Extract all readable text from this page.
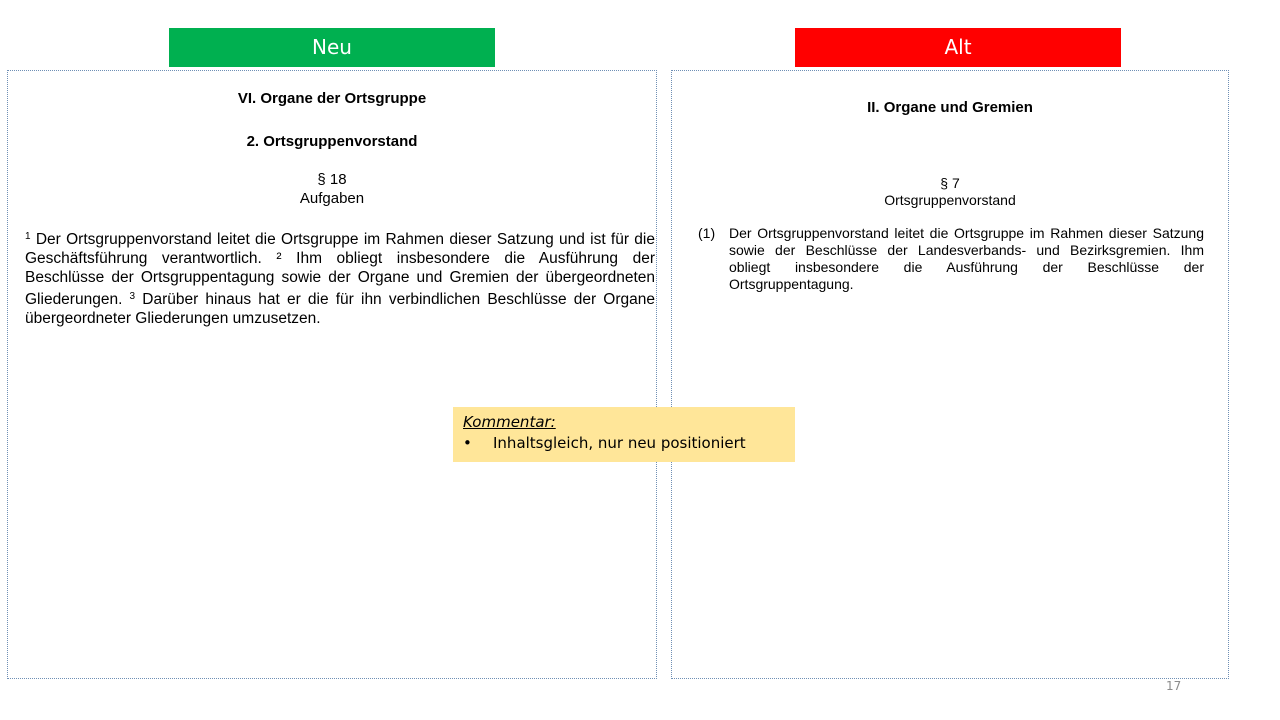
Neu	Alt
VI. Organe der Ortsgruppe
2. Ortsgruppenvorstand
§ 18
Aufgaben
$^1$ Der Ortsgruppenvorstand leitet die Ortsgruppe im Rahmen dieser Satzung und ist für die Geschäftsführung verantwortlich. ² Ihm obliegt insbesondere die Ausführung der Beschlüsse der Ortsgruppentagung sowie der Organe und Gremien der übergeordneten Gliederungen. $^3$ Darüber hinaus hat er die für ihn verbindlichen Beschlüsse der Organe übergeordneter Gliederungen umzusetzen.
II. Organe und Gremien
§ 7
Ortsgruppenvorstand
(1) Der Ortsgruppenvorstand leitet die Ortsgruppe im Rahmen dieser Satzung sowie der Beschlüsse der Landesverbands- und Bezirksgremien. Ihm obliegt insbesondere die Ausführung der Beschlüsse der Ortsgruppentagung.
Kommentar:
• Inhaltsgleich, nur neu positioniert
17
